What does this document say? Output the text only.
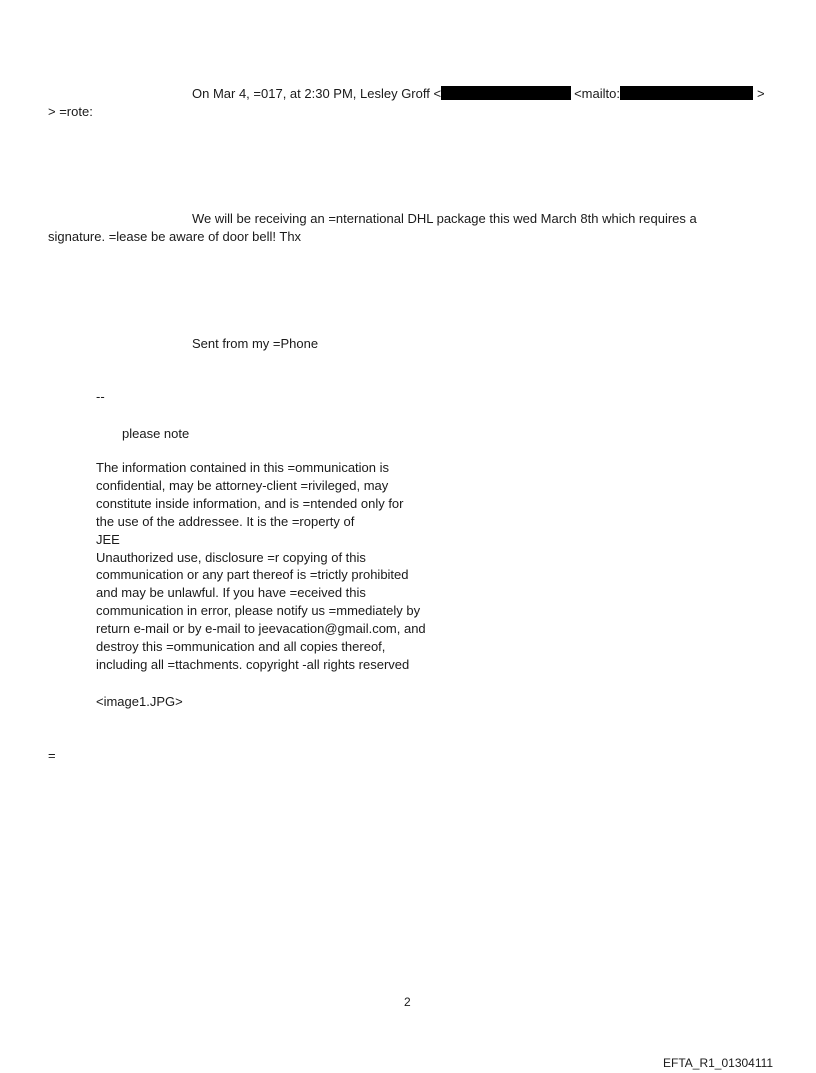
On Mar 4, =017, at 2:30 PM, Lesley Groff <	<mailto:	>
> =rote:
We will be receiving an =nternational DHL package this wed March 8th which requires a
signature. =lease be aware of door bell! Thx
Sent from my =Phone
--
please note
The information contained in this =ommunication is
confidential, may be attorney-client =rivileged, may
constitute inside information, and is =ntended only for
the use of the addressee. It is the =roperty of
JEE
Unauthorized use, disclosure =r copying of this
communication or any part thereof is =trictly prohibited
and may be unlawful. If you have =eceived this
communication in error, please notify us =mmediately by
return e-mail or by e-mail to jeevacation@gmail.com, and
destroy this =ommunication and all copies thereof,
including all =ttachments. copyright -all rights reserved
<image1.JPG>
=
2
EFTA_R1_01304111
